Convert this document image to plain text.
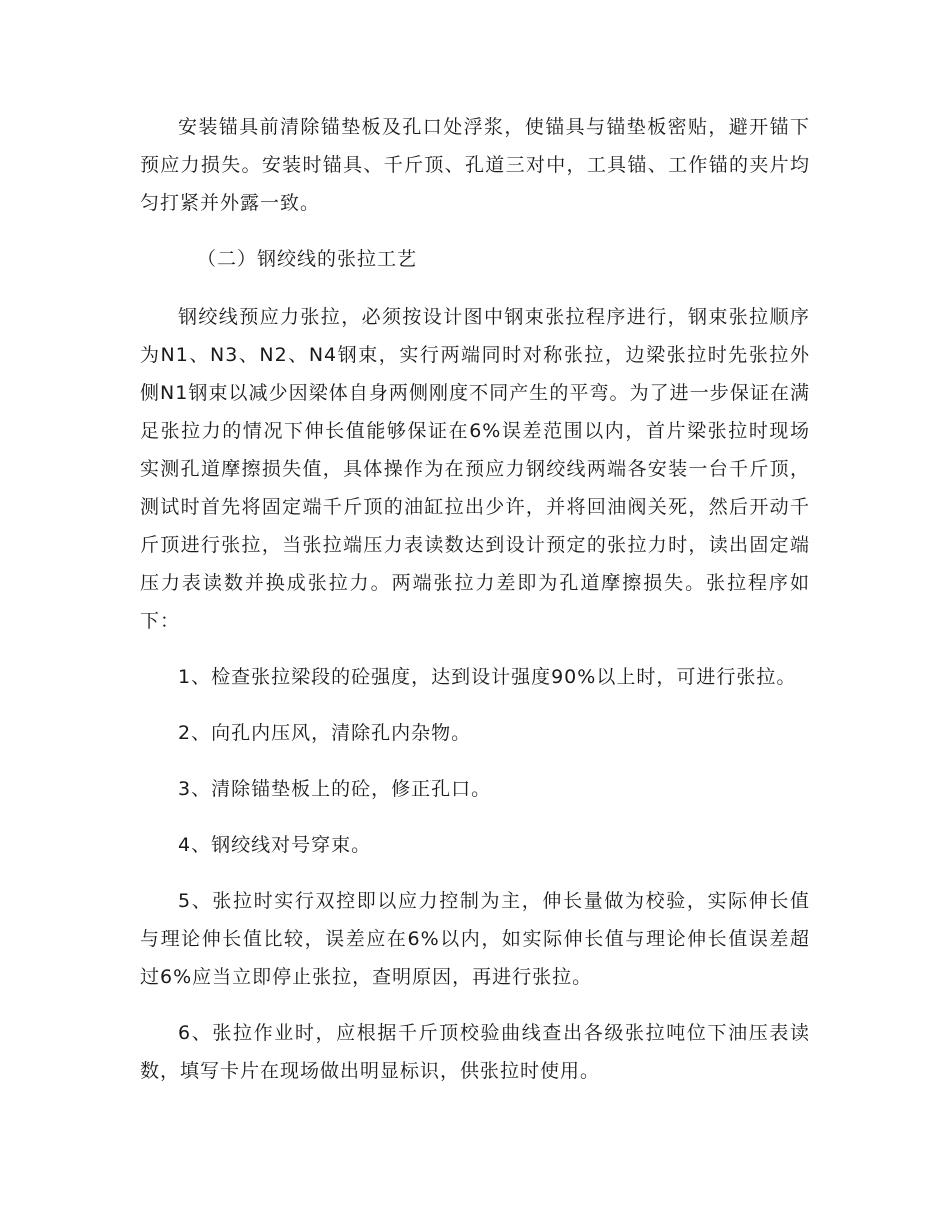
安装锚具前清除锚垫板及孔口处浮浆，使锚具与锚垫板密贴，避开锚下预应力损失。安装时锚具、千斤顶、孔道三对中，工具锚、工作锚的夹片均匀打紧并外露一致。

（二）钢绞线的张拉工艺

钢绞线预应力张拉，必须按设计图中钢束张拉程序进行，钢束张拉顺序为N1、N3、N2、N4钢束，实行两端同时对称张拉，边梁张拉时先张拉外侧N1钢束以减少因梁体自身两侧刚度不同产生的平弯。为了进一步保证在满足张拉力的情况下伸长值能够保证在6%误差范围以内，首片梁张拉时现场实测孔道摩擦损失值，具体操作为在预应力钢绞线两端各安装一台千斤顶，测试时首先将固定端千斤顶的油缸拉出少许，并将回油阀关死，然后开动千斤顶进行张拉，当张拉端压力表读数达到设计预定的张拉力时，读出固定端压力表读数并换成张拉力。两端张拉力差即为孔道摩擦损失。张拉程序如下：

1、检查张拉梁段的砼强度，达到设计强度90%以上时，可进行张拉。

2、向孔内压风，清除孔内杂物。

3、清除锚垫板上的砼，修正孔口。

4、钢绞线对号穿束。

5、张拉时实行双控即以应力控制为主，伸长量做为校验，实际伸长值与理论伸长值比较，误差应在6%以内，如实际伸长值与理论伸长值误差超过6%应当立即停止张拉，查明原因，再进行张拉。

6、张拉作业时，应根据千斤顶校验曲线查出各级张拉吨位下油压表读数，填写卡片在现场做出明显标识，供张拉时使用。
